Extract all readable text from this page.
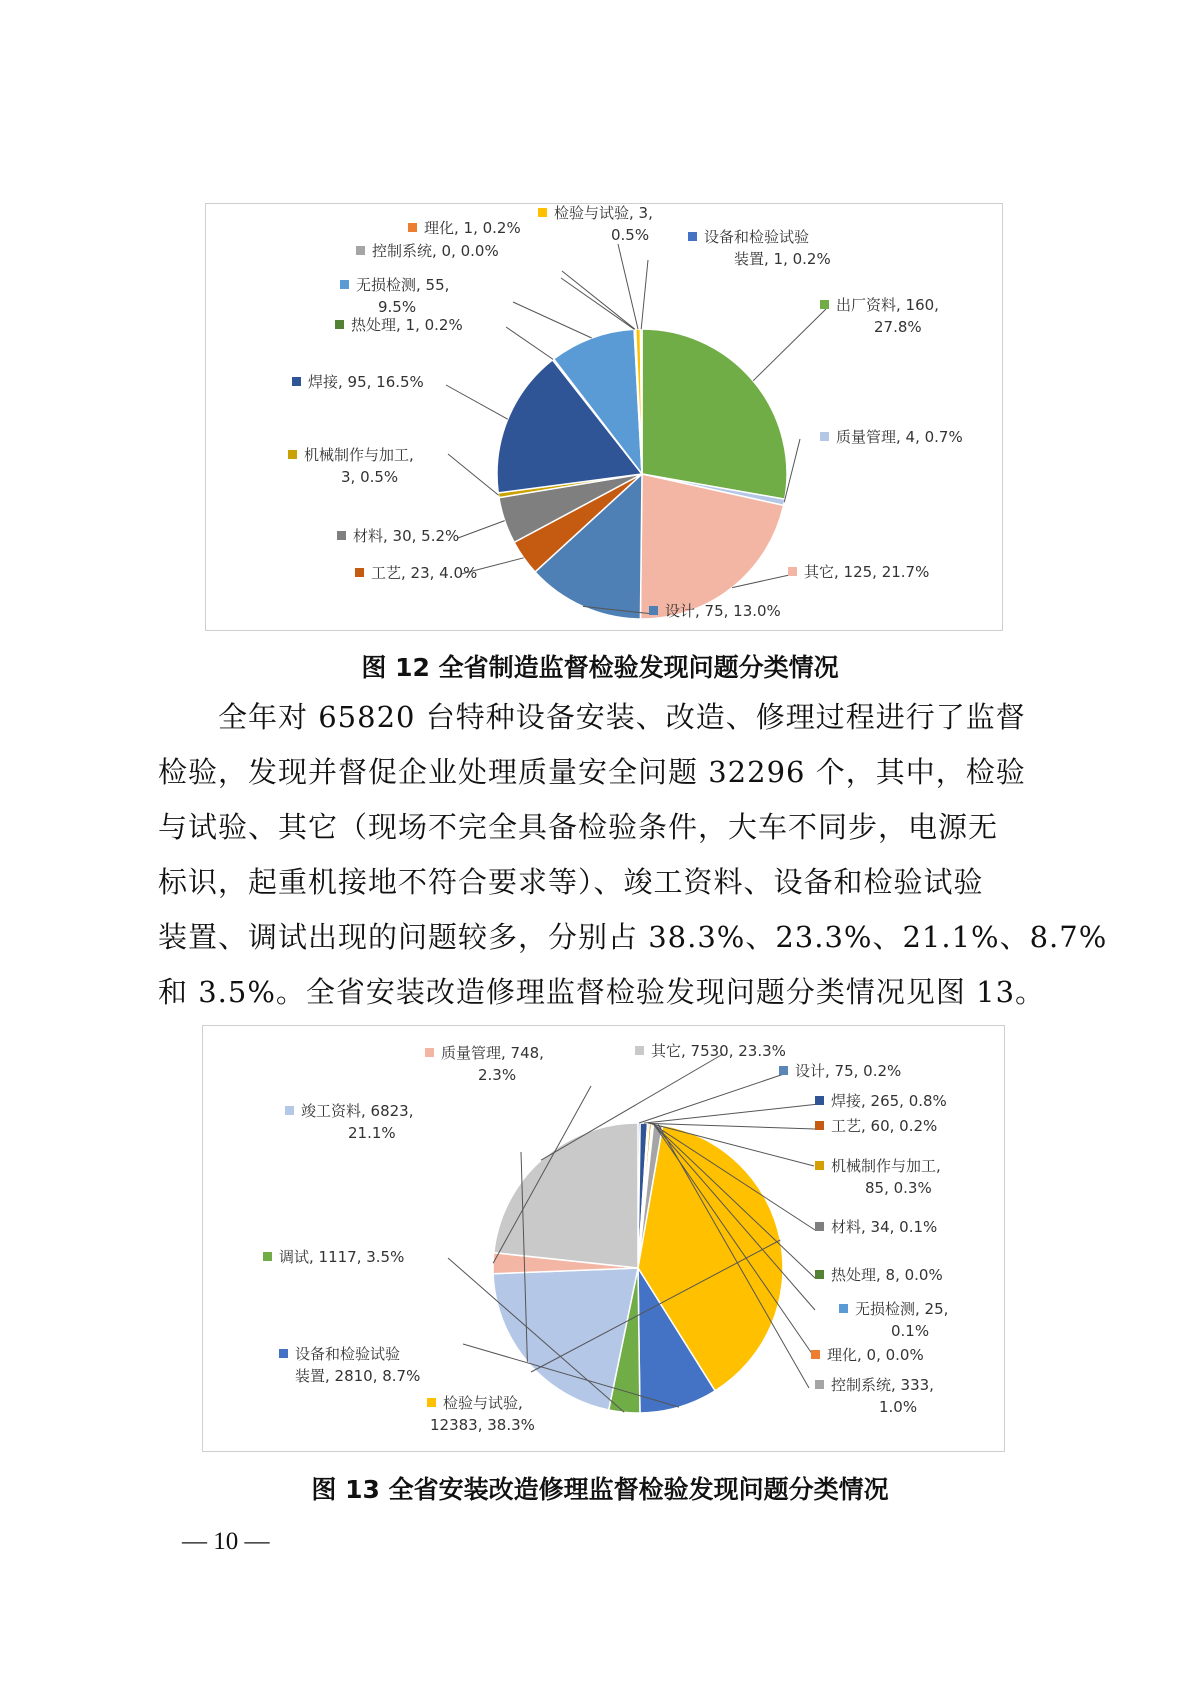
出厂资料, 160,
27.8%
质量管理, 4, 0.7%
其它, 125, 21.7%
设计, 75, 13.0%
工艺, 23, 4.0%
材料, 30, 5.2%
机械制作与加工,
3, 0.5%
焊接, 95, 16.5%
热处理, 1, 0.2%
无损检测, 55,
9.5%
控制系统, 0, 0.0%
理化, 1, 0.2%
检验与试验, 3,
0.5%	设备和检验试验
装置, 1, 0.2%
图 12 全省制造监督检验发现问题分类情况
　　全年对 65820 台特种设备安装、改造、修理过程进行了监督
检验，发现并督促企业处理质量安全问题 32296 个，其中，检验
与试验、其它（现场不完全具备检验条件，大车不同步，电源无
标识，起重机接地不符合要求等）、竣工资料、设备和检验试验
装置、调试出现的问题较多，分别占 38.3%、23.3%、21.1%、8.7%
和 3.5%。全省安装改造修理监督检验发现问题分类情况见图 13。
设计, 75, 0.2%
焊接, 265, 0.8%
工艺, 60, 0.2%
机械制作与加工,
85, 0.3%
材料, 34, 0.1%
热处理, 8, 0.0%
无损检测, 25,
0.1%
理化, 0, 0.0%
控制系统, 333,
1.0%
检验与试验,
12383, 38.3%
设备和检验试验
装置, 2810, 8.7%
调试, 1117, 3.5%
竣工资料, 6823,
21.1%
质量管理, 748,
2.3%
其它, 7530, 23.3%
图 13 全省安装改造修理监督检验发现问题分类情况
— 10 —
